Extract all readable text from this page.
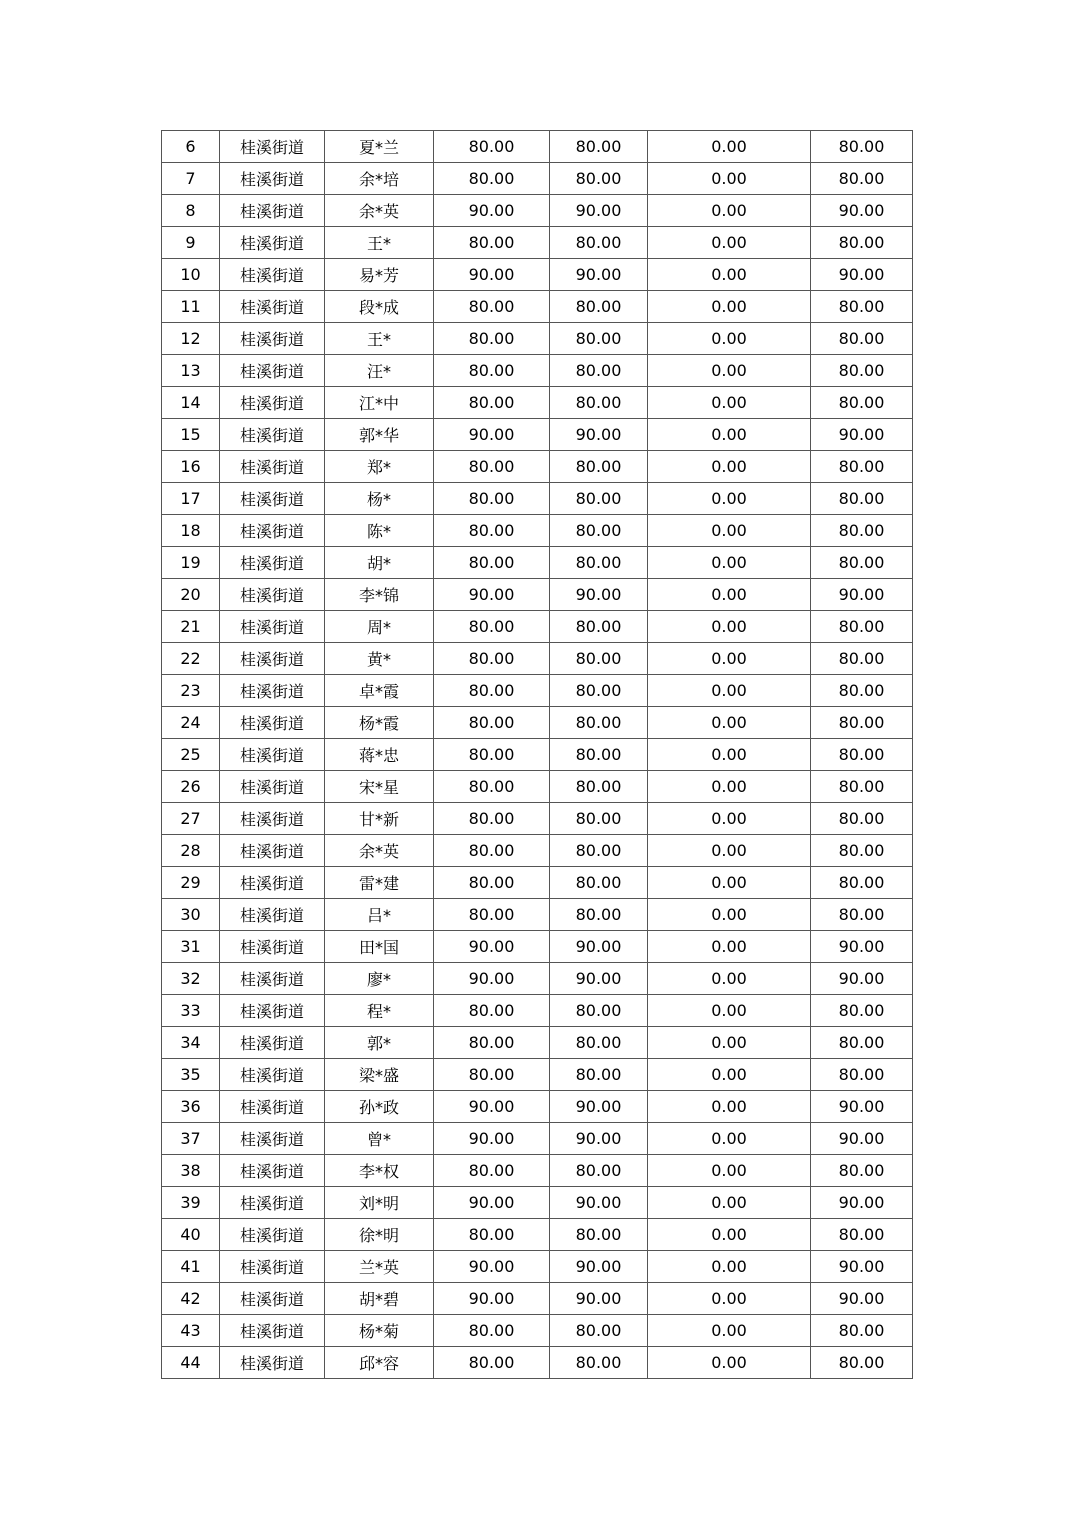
6	桂溪街道	夏*兰	80.00	80.00	0.00	80.00
7	桂溪街道	余*培	80.00	80.00	0.00	80.00
8	桂溪街道	余*英	90.00	90.00	0.00	90.00
9	桂溪街道	王*	80.00	80.00	0.00	80.00
10	桂溪街道	易*芳	90.00	90.00	0.00	90.00
11	桂溪街道	段*成	80.00	80.00	0.00	80.00
12	桂溪街道	王*	80.00	80.00	0.00	80.00
13	桂溪街道	汪*	80.00	80.00	0.00	80.00
14	桂溪街道	江*中	80.00	80.00	0.00	80.00
15	桂溪街道	郭*华	90.00	90.00	0.00	90.00
16	桂溪街道	郑*	80.00	80.00	0.00	80.00
17	桂溪街道	杨*	80.00	80.00	0.00	80.00
18	桂溪街道	陈*	80.00	80.00	0.00	80.00
19	桂溪街道	胡*	80.00	80.00	0.00	80.00
20	桂溪街道	李*锦	90.00	90.00	0.00	90.00
21	桂溪街道	周*	80.00	80.00	0.00	80.00
22	桂溪街道	黄*	80.00	80.00	0.00	80.00
23	桂溪街道	卓*霞	80.00	80.00	0.00	80.00
24	桂溪街道	杨*霞	80.00	80.00	0.00	80.00
25	桂溪街道	蒋*忠	80.00	80.00	0.00	80.00
26	桂溪街道	宋*星	80.00	80.00	0.00	80.00
27	桂溪街道	甘*新	80.00	80.00	0.00	80.00
28	桂溪街道	余*英	80.00	80.00	0.00	80.00
29	桂溪街道	雷*建	80.00	80.00	0.00	80.00
30	桂溪街道	吕*	80.00	80.00	0.00	80.00
31	桂溪街道	田*国	90.00	90.00	0.00	90.00
32	桂溪街道	廖*	90.00	90.00	0.00	90.00
33	桂溪街道	程*	80.00	80.00	0.00	80.00
34	桂溪街道	郭*	80.00	80.00	0.00	80.00
35	桂溪街道	梁*盛	80.00	80.00	0.00	80.00
36	桂溪街道	孙*政	90.00	90.00	0.00	90.00
37	桂溪街道	曾*	90.00	90.00	0.00	90.00
38	桂溪街道	李*权	80.00	80.00	0.00	80.00
39	桂溪街道	刘*明	90.00	90.00	0.00	90.00
40	桂溪街道	徐*明	80.00	80.00	0.00	80.00
41	桂溪街道	兰*英	90.00	90.00	0.00	90.00
42	桂溪街道	胡*碧	90.00	90.00	0.00	90.00
43	桂溪街道	杨*菊	80.00	80.00	0.00	80.00
44	桂溪街道	邱*容	80.00	80.00	0.00	80.00
